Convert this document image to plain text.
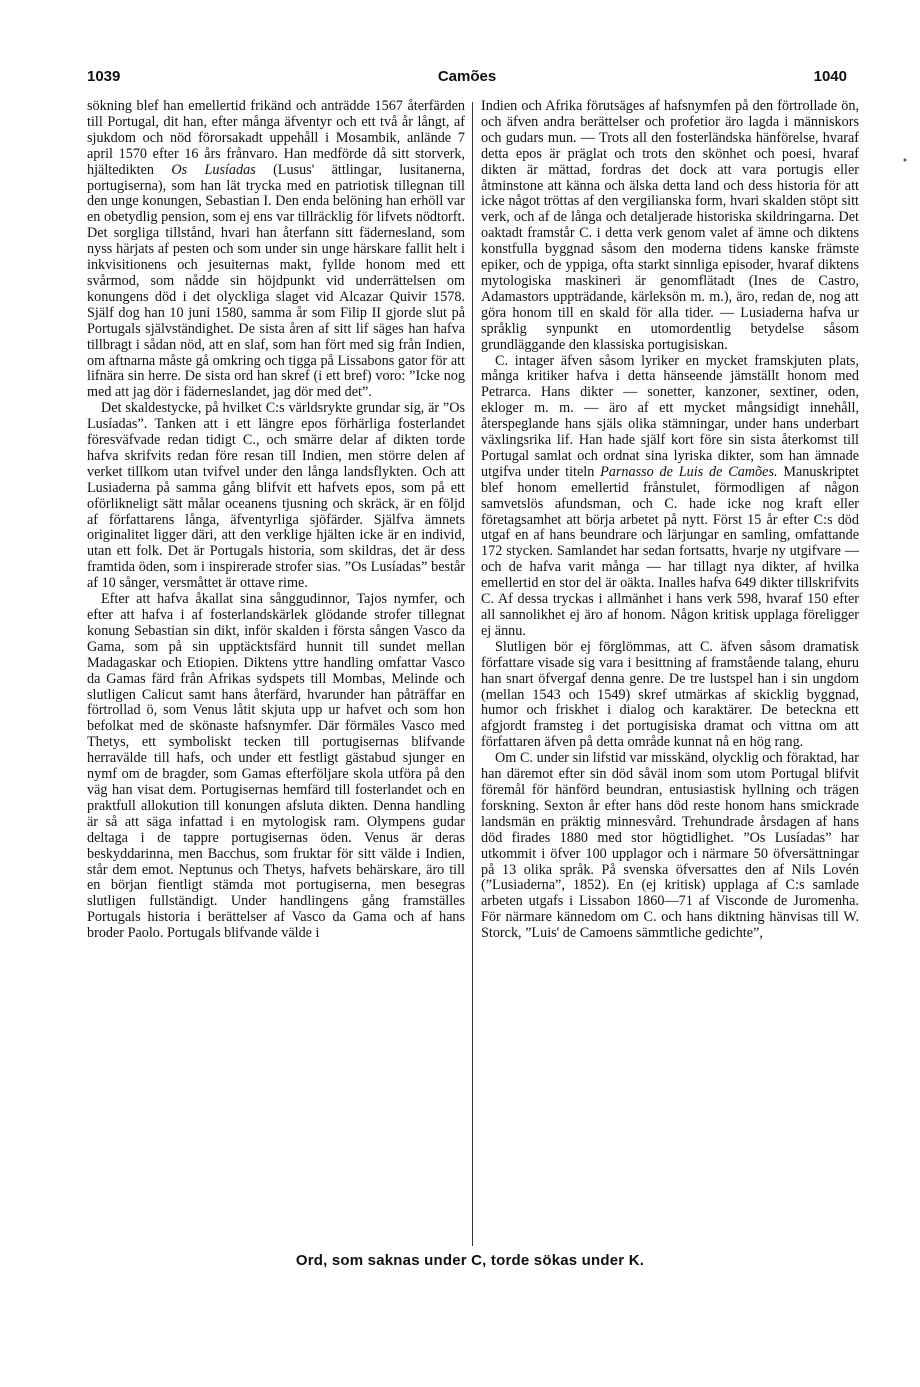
1039	Camões	1040

sökning blef han emellertid frikänd och anträdde 1567 återfärden till Portugal, dit han, efter många äfventyr och ett två år långt, af sjukdom och nöd förorsakadt uppehåll i Mosambik, anlände 7 april 1570 efter 16 års frånvaro. Han medförde då sitt storverk, hjältedikten Os Lusíadas (Lusus' ättlingar, lusitanerna, portugiserna), som han lät trycka med en patriotisk tillegnan till den unge konungen, Sebastian I. Den enda belöning han erhöll var en obetydlig pension, som ej ens var tillräcklig för lifvets nödtorft. Det sorgliga tillstånd, hvari han återfann sitt fädernesland, som nyss härjats af pesten och som under sin unge härskare fallit helt i inkvisitionens och jesuiternas makt, fyllde honom med ett svårmod, som nådde sin höjdpunkt vid underrättelsen om konungens död i det olyckliga slaget vid Alcazar Quivir 1578. Själf dog han 10 juni 1580, samma år som Filip II gjorde slut på Portugals självständighet. De sista åren af sitt lif säges han hafva tillbragt i sådan nöd, att en slaf, som han fört med sig från Indien, om aftnarna måste gå omkring och tigga på Lissabons gator för att lifnära sin herre. De sista ord han skref (i ett bref) voro: ”Icke nog med att jag dör i fäderneslandet, jag dör med det”.

Det skaldestycke, på hvilket C:s världsrykte grundar sig, är ”Os Lusíadas”. Tanken att i ett längre epos förhärliga fosterlandet föresväfvade redan tidigt C., och smärre delar af dikten torde hafva skrifvits redan före resan till Indien, men större delen af verket tillkom utan tvifvel under den långa landsflykten. Och att Lusiaderna på samma gång blifvit ett hafvets epos, som på ett oförlikneligt sätt målar oceanens tjusning och skräck, är en följd af författarens långa, äfventyrliga sjöfärder. Själfva ämnets originalitet ligger däri, att den verklige hjälten icke är en individ, utan ett folk. Det är Portugals historia, som skildras, det är dess framtida öden, som i inspirerade strofer sias. ”Os Lusíadas” består af 10 sånger, versmåttet är ottave rime.

Efter att hafva åkallat sina sånggudinnor, Tajos nymfer, och efter att hafva i af fosterlandskärlek glödande strofer tillegnat konung Sebastian sin dikt, inför skalden i första sången Vasco da Gama, som på sin upptäcktsfärd hunnit till sundet mellan Madagaskar och Etiopien. Diktens yttre handling omfattar Vasco da Gamas färd från Afrikas sydspets till Mombas, Melinde och slutligen Calicut samt hans återfärd, hvarunder han påträffar en förtrollad ö, som Venus låtit skjuta upp ur hafvet och som hon befolkat med de skönaste hafsnymfer. Där förmäles Vasco med Thetys, ett symboliskt tecken till portugisernas blifvande herravälde till hafs, och under ett festligt gästabud sjunger en nymf om de bragder, som Gamas efterföljare skola utföra på den väg han visat dem. Portugisernas hemfärd till fosterlandet och en praktfull allokution till konungen afsluta dikten. Denna handling är så att säga infattad i en mytologisk ram. Olympens gudar deltaga i de tappre portugisernas öden. Venus är deras beskyddarinna, men Bacchus, som fruktar för sitt välde i Indien, står dem emot. Neptunus och Thetys, hafvets behärskare, äro till en början fientligt stämda mot portugiserna, men besegras slutligen fullständigt. Under handlingens gång framställes Portugals historia i berättelser af Vasco da Gama och af hans broder Paolo. Portugals blifvande välde i

Indien och Afrika förutsäges af hafsnymfen på den förtrollade ön, och äfven andra berättelser och profetior äro lagda i människors och gudars mun. — Trots all den fosterländska hänförelse, hvaraf detta epos är präglat och trots den skönhet och poesi, hvaraf dikten är mättad, fordras det dock att vara portugis eller åtminstone att känna och älska detta land och dess historia för att icke något tröttas af den vergilianska form, hvari skalden stöpt sitt verk, och af de långa och detaljerade historiska skildringarna. Det oaktadt framstår C. i detta verk genom valet af ämne och diktens konstfulla byggnad såsom den moderna tidens kanske främste epiker, och de yppiga, ofta starkt sinnliga episoder, hvaraf diktens mytologiska maskineri är genomflätadt (Ines de Castro, Adamastors uppträdande, kärleksön m. m.), äro, redan de, nog att göra honom till en skald för alla tider. — Lusiaderna hafva ur språklig synpunkt en utomordentlig betydelse såsom grundläggande den klassiska portugisiskan.

C. intager äfven såsom lyriker en mycket framskjuten plats, många kritiker hafva i detta hänseende jämställt honom med Petrarca. Hans dikter — sonetter, kanzoner, sextiner, oden, ekloger m. m. — äro af ett mycket mångsidigt innehåll, återspeglande hans själs olika stämningar, under hans underbart växlingsrika lif. Han hade själf kort före sin sista återkomst till Portugal samlat och ordnat sina lyriska dikter, som han ämnade utgifva under titeln Parnasso de Luis de Camões. Manuskriptet blef honom emellertid frånstulet, förmodligen af någon samvetslös afundsman, och C. hade icke nog kraft eller företagsamhet att börja arbetet på nytt. Först 15 år efter C:s död utgaf en af hans beundrare och lärjungar en samling, omfattande 172 stycken. Samlandet har sedan fortsatts, hvarje ny utgifvare — och de hafva varit många — har tillagt nya dikter, af hvilka emellertid en stor del är oäkta. Inalles hafva 649 dikter tillskrifvits C. Af dessa tryckas i allmänhet i hans verk 598, hvaraf 150 efter all sannolikhet ej äro af honom. Någon kritisk upplaga föreligger ej ännu.

Slutligen bör ej förglömmas, att C. äfven såsom dramatisk författare visade sig vara i besittning af framstående talang, ehuru han snart öfvergaf denna genre. De tre lustspel han i sin ungdom (mellan 1543 och 1549) skref utmärkas af skicklig byggnad, humor och friskhet i dialog och karaktärer. De beteckna ett afgjordt framsteg i det portugisiska dramat och vittna om att författaren äfven på detta område kunnat nå en hög rang.

Om C. under sin lifstid var misskänd, olycklig och föraktad, har han däremot efter sin död såväl inom som utom Portugal blifvit föremål för hänförd beundran, entusiastisk hyllning och trägen forskning. Sexton år efter hans död reste honom hans smickrade landsmän en präktig minnesvård. Trehundrade årsdagen af hans död firades 1880 med stor högtidlighet. ”Os Lusíadas” har utkommit i öfver 100 upplagor och i närmare 50 öfversättningar på 13 olika språk. På svenska öfversattes den af Nils Lovén (”Lusiaderna”, 1852). En (ej kritisk) upplaga af C:s samlade arbeten utgafs i Lissabon 1860—71 af Visconde de Juromenha. För närmare kännedom om C. och hans diktning hänvisas till W. Storck, ”Luis' de Camoens sämmtliche gedichte”,

•
Ord, som saknas under C, torde sökas under K.
